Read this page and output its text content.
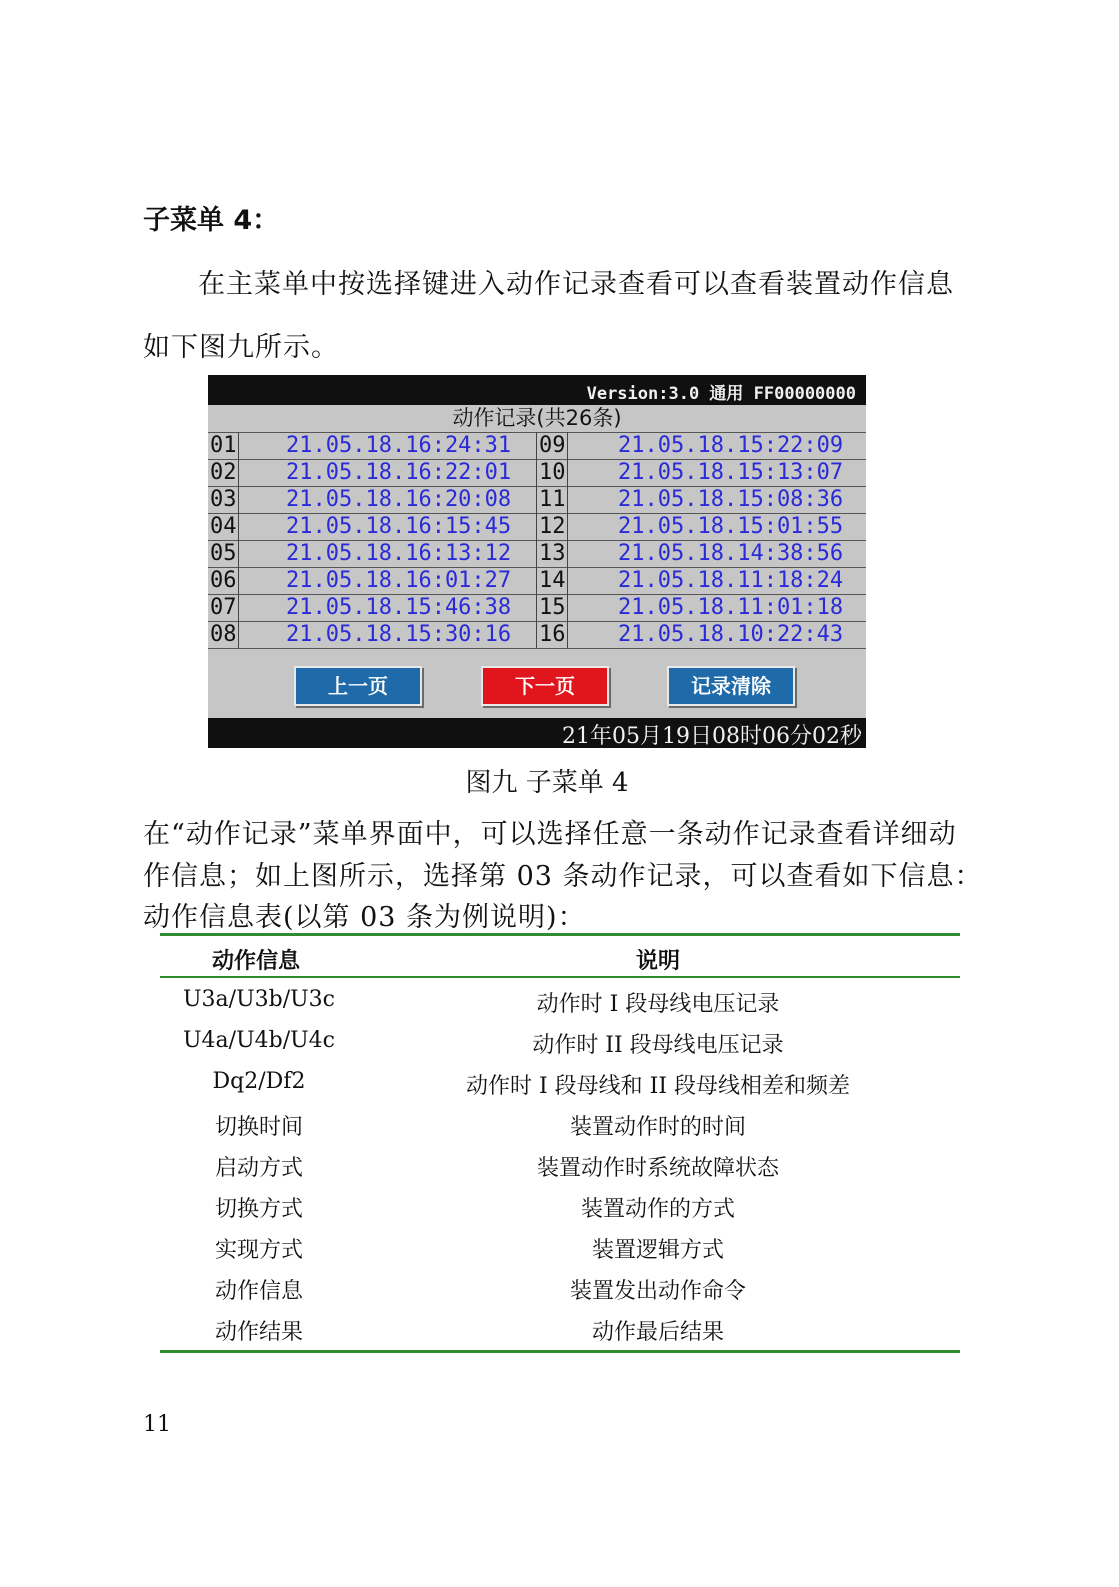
子菜单 4：
在主菜单中按选择键进入动作记录查看可以查看装置动作信息
如下图九所示。
Version:3.0 通用 FF00000000
动作记录(共26条)
01 21.05.18.16:24:31 09 21.05.18.15:22:09
02 21.05.18.16:22:01 10 21.05.18.15:13:07
03 21.05.18.16:20:08 11 21.05.18.15:08:36
04 21.05.18.16:15:45 12 21.05.18.15:01:55
05 21.05.18.16:13:12 13 21.05.18.14:38:56
06 21.05.18.16:01:27 14 21.05.18.11:18:24
07 21.05.18.15:46:38 15 21.05.18.11:01:18
08 21.05.18.15:30:16 16 21.05.18.10:22:43
上一页	下一页	记录清除
21年05月19日08时06分02秒
图九 子菜单 4
在“动作记录”菜单界面中，可以选择任意一条动作记录查看详细动
作信息；如上图所示，选择第 03 条动作记录，可以查看如下信息：
动作信息表(以第 03 条为例说明)：
动作信息	说明
U3a/U3b/U3c	动作时 I 段母线电压记录
U4a/U4b/U4c	动作时 II 段母线电压记录
Dq2/Df2	动作时 I 段母线和 II 段母线相差和频差
切换时间	装置动作时的时间
启动方式	装置动作时系统故障状态
切换方式	装置动作的方式
实现方式	装置逻辑方式
动作信息	装置发出动作命令
动作结果	动作最后结果
11
